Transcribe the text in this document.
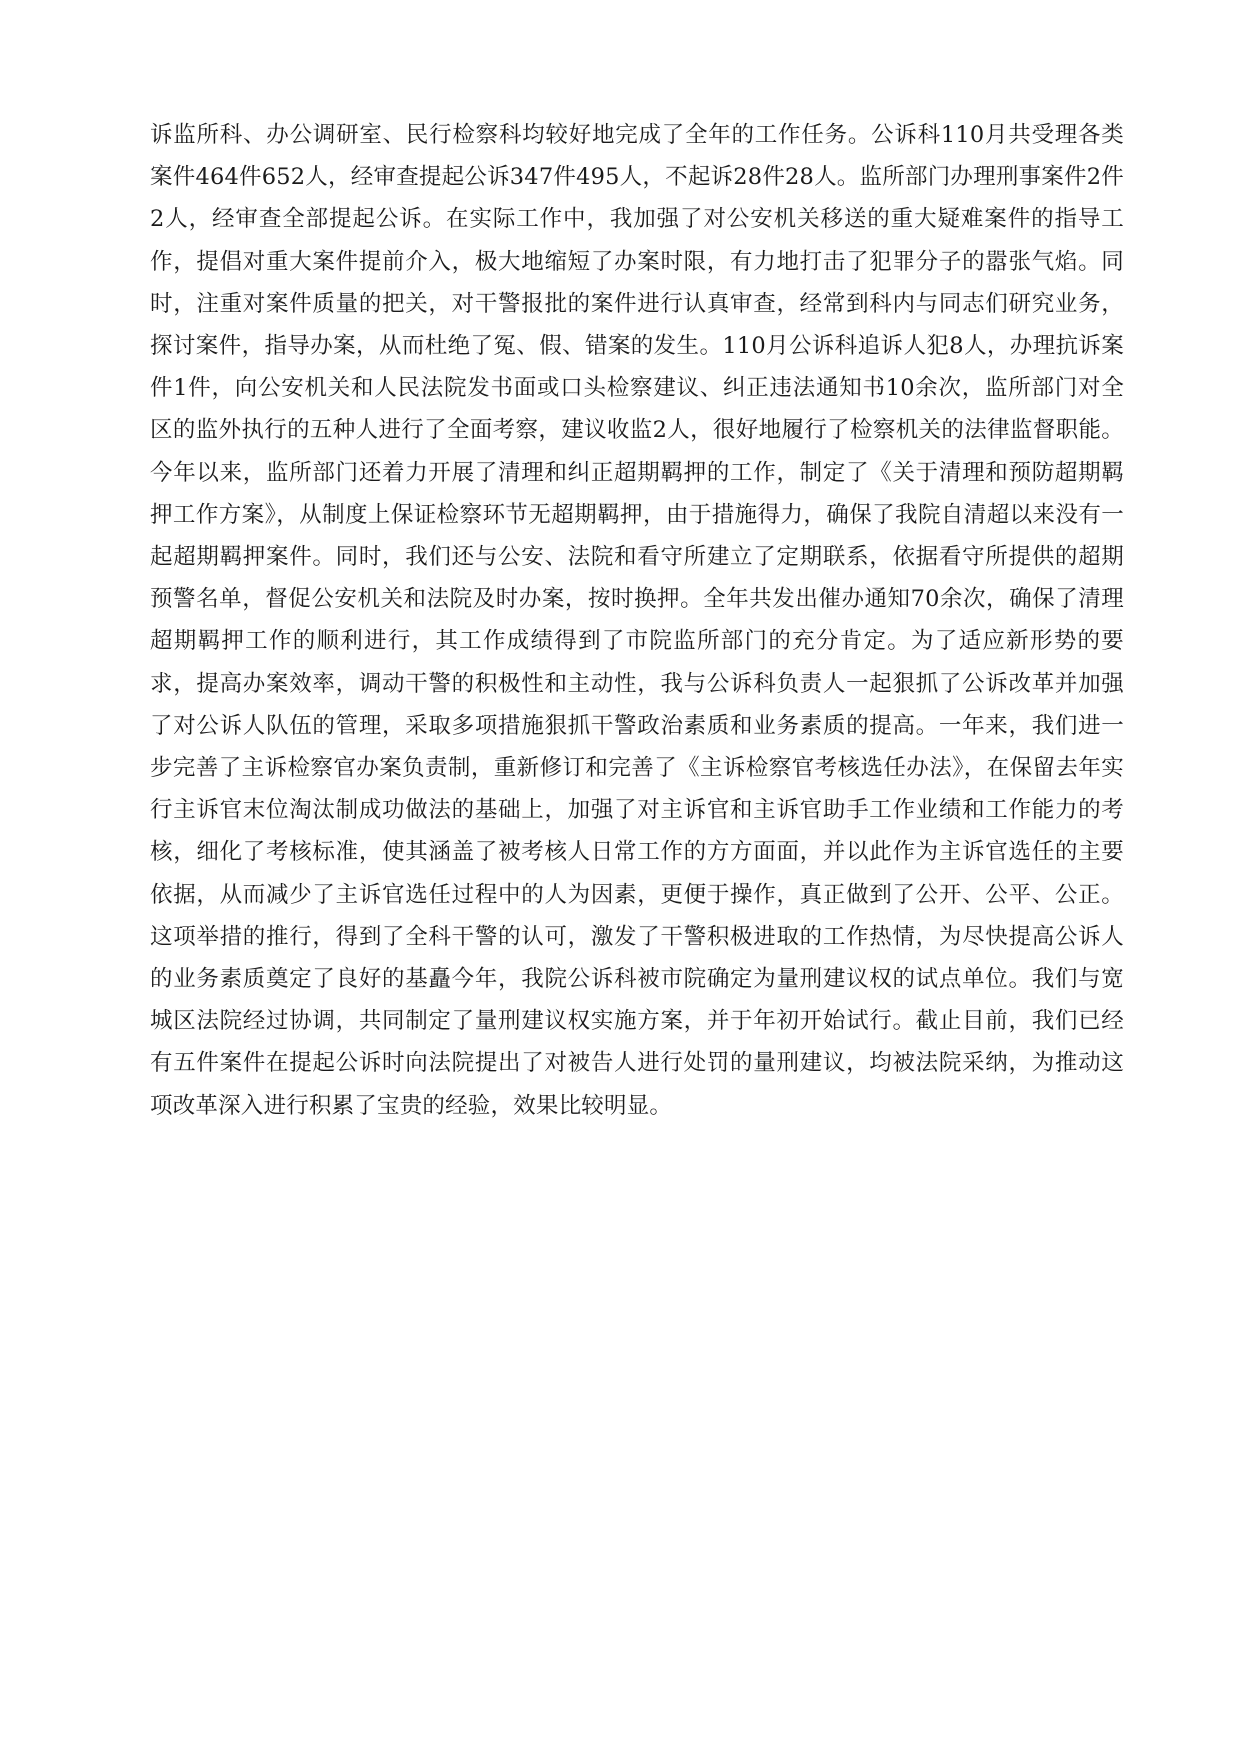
诉监所科、办公调研室、民行检察科均较好地完成了全年的工作任务。公诉科110月共受理各类案件464件652人，经审查提起公诉347件495人，不起诉28件28人。监所部门办理刑事案件2件2人，经审查全部提起公诉。在实际工作中，我加强了对公安机关移送的重大疑难案件的指导工作，提倡对重大案件提前介入，极大地缩短了办案时限，有力地打击了犯罪分子的嚣张气焰。同时，注重对案件质量的把关，对干警报批的案件进行认真审查，经常到科内与同志们研究业务，探讨案件，指导办案，从而杜绝了冤、假、错案的发生。110月公诉科追诉人犯8人，办理抗诉案件1件，向公安机关和人民法院发书面或口头检察建议、纠正违法通知书10余次，监所部门对全区的监外执行的五种人进行了全面考察，建议收监2人，很好地履行了检察机关的法律监督职能。今年以来，监所部门还着力开展了清理和纠正超期羁押的工作，制定了《关于清理和预防超期羁押工作方案》，从制度上保证检察环节无超期羁押，由于措施得力，确保了我院自清超以来没有一起超期羁押案件。同时，我们还与公安、法院和看守所建立了定期联系，依据看守所提供的超期预警名单，督促公安机关和法院及时办案，按时换押。全年共发出催办通知70余次，确保了清理超期羁押工作的顺利进行，其工作成绩得到了市院监所部门的充分肯定。为了适应新形势的要求，提高办案效率，调动干警的积极性和主动性，我与公诉科负责人一起狠抓了公诉改革并加强了对公诉人队伍的管理，采取多项措施狠抓干警政治素质和业务素质的提高。一年来，我们进一步完善了主诉检察官办案负责制，重新修订和完善了《主诉检察官考核选任办法》，在保留去年实行主诉官末位淘汰制成功做法的基础上，加强了对主诉官和主诉官助手工作业绩和工作能力的考核，细化了考核标准，使其涵盖了被考核人日常工作的方方面面，并以此作为主诉官选任的主要依据，从而减少了主诉官选任过程中的人为因素，更便于操作，真正做到了公开、公平、公正。这项举措的推行，得到了全科干警的认可，激发了干警积极进取的工作热情，为尽快提高公诉人的业务素质奠定了良好的基矗今年，我院公诉科被市院确定为量刑建议权的试点单位。我们与宽城区法院经过协调，共同制定了量刑建议权实施方案，并于年初开始试行。截止目前，我们已经有五件案件在提起公诉时向法院提出了对被告人进行处罚的量刑建议，均被法院采纳，为推动这项改革深入进行积累了宝贵的经验，效果比较明显。
